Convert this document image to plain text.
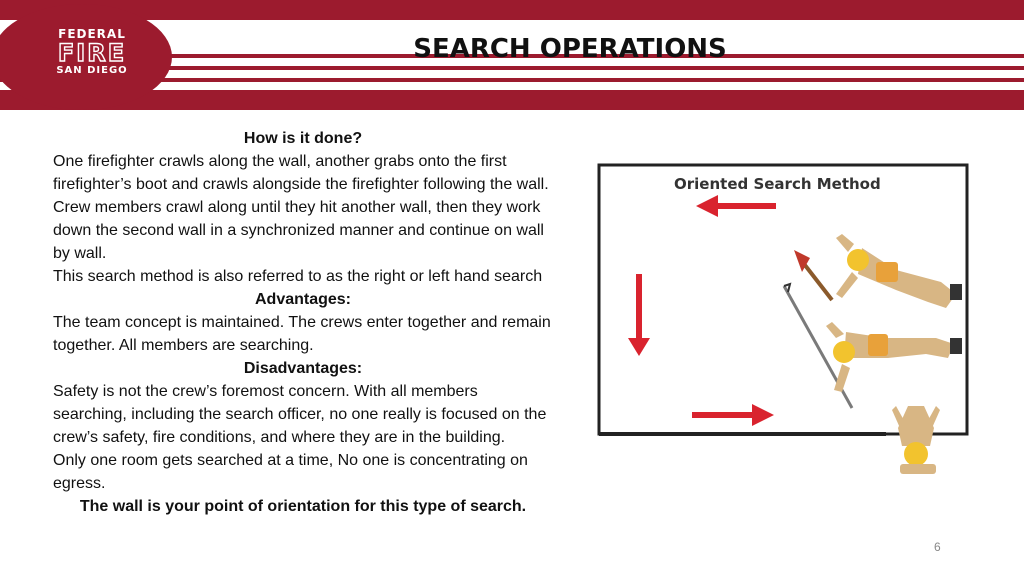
FEDERAL
FIRE
SAN DIEGO
SEARCH OPERATIONS

How is it done?

One firefighter crawls along the wall, another grabs onto the first firefighter’s boot and crawls alongside the firefighter following the wall. Crew members crawl along until they hit another wall, then they work down the second wall in a synchronized manner and continue on wall by wall.

This search method is also referred to as the right or left hand search

Advantages:

The team concept is maintained. The crews enter together and remain together. All members are searching.

Disadvantages:

Safety is not the crew’s foremost concern. With all members searching, including the search officer, no one really is focused on the crew’s safety, fire conditions, and where they are in the building.

Only one room gets searched at a time, No one is concentrating on egress.

The wall is your point of orientation for this type of search.

Oriented Search Method
6
